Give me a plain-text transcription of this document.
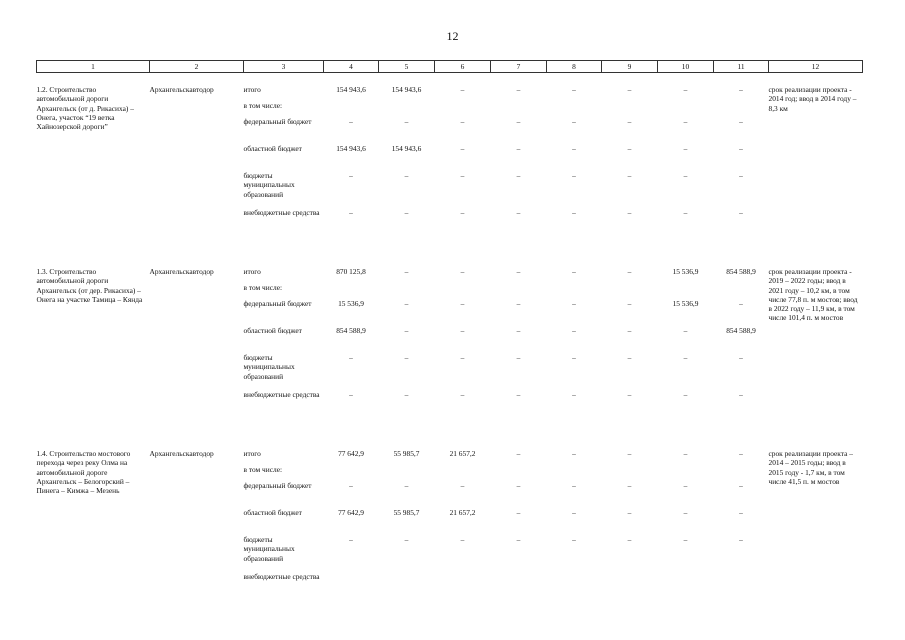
12
1	2	3	4	5	6	7	8	9	10	11	12

1.2. Строительство автомобильной дороги Архангельск (от д. Рикасиха) – Онега, участок “19 ветка Хайнозерской дороги”	Архангельскавтодор	итого	154 943,6	154 943,6	–	–	–	–	–	–	срок реализации проекта - 2014 год; ввод в 2014 году – 8,3 км
		в том числе:									
		федеральный бюджет	–	–	–	–	–	–	–	–	
		областной бюджет	154 943,6	154 943,6	–	–	–	–	–	–	
		бюджеты муниципальных образований	–	–	–	–	–	–	–	–	
		внебюджетные средства	–	–	–	–	–	–	–	–	

1.3. Строительство автомобильной дороги Архангельск (от дер. Рикасиха) – Онега на участке Тамица – Кянда	Архангельскавтодор	итого	870 125,8	–	–	–	–	–	15 536,9	854 588,9	срок реализации проекта - 2019 – 2022 годы; ввод в 2021 году – 10,2 км, в том числе 77,8 п. м мостов; ввод в 2022 году – 11,9 км, в том числе 101,4 п. м мостов
		в том числе:									
		федеральный бюджет	15 536,9	–	–	–	–	–	15 536,9	–	
		областной бюджет	854 588,9	–	–	–	–	–	–	854 588,9	
		бюджеты муниципальных образований	–	–	–	–	–	–	–	–	
		внебюджетные средства	–	–	–	–	–	–	–	–	

1.4. Строительство мостового перехода через реку Олма на автомобильной дороге Архангельск – Белогорский – Пинега – Кимжа – Мезень	Архангельскавтодор	итого	77 642,9	55 985,7	21 657,2	–	–	–	–	–	срок реализации проекта – 2014 – 2015 годы; ввод в 2015 году - 1,7 км, в том числе 41,5 п. м мостов
		в том числе:									
		федеральный бюджет	–	–	–	–	–	–	–	–	
		областной бюджет	77 642,9	55 985,7	21 657,2	–	–	–	–	–	
		бюджеты муниципальных образований	–	–	–	–	–	–	–	–	
		внебюджетные средства									
